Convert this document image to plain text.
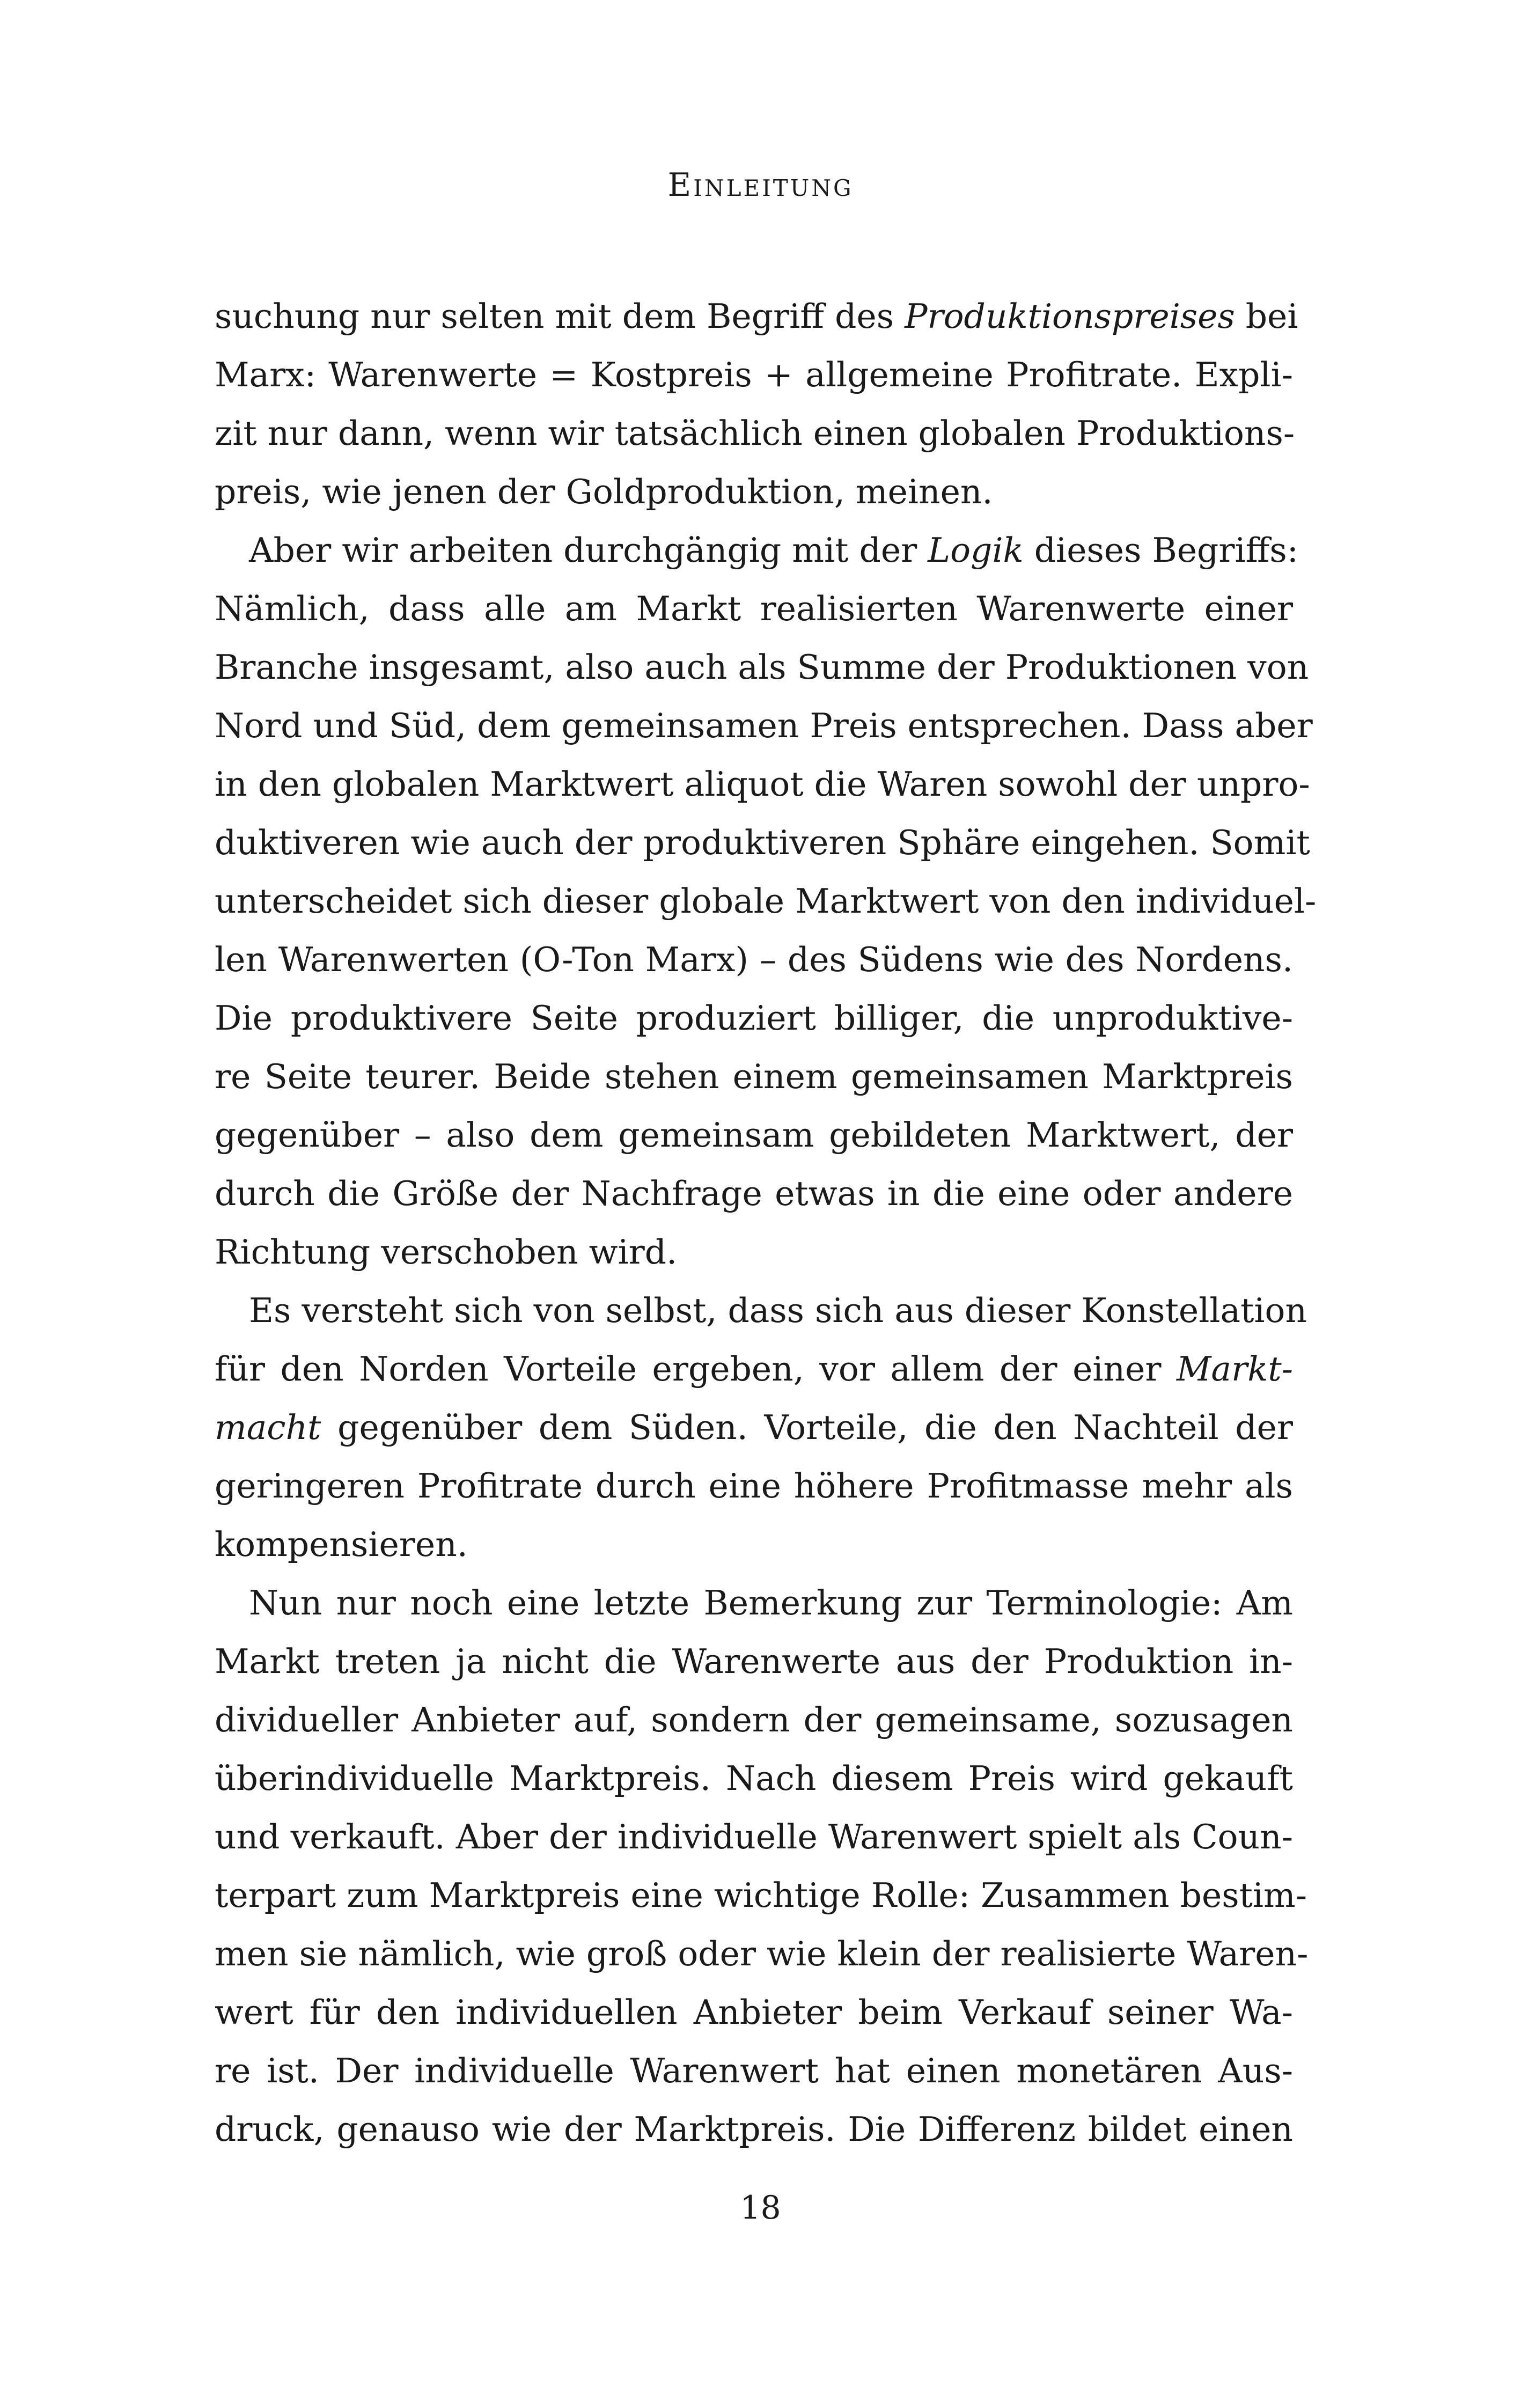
Einleitung
suchung nur selten mit dem Begriff des Produktionspreises bei
Marx: Warenwerte = Kostpreis + allgemeine Profitrate. Expli-
zit nur dann, wenn wir tatsächlich einen globalen Produktions-
preis, wie jenen der Goldproduktion, meinen.
Aber wir arbeiten durchgängig mit der Logik dieses Begriffs:
Nämlich, dass alle am Markt realisierten Warenwerte einer
Branche insgesamt, also auch als Summe der Produktionen von
Nord und Süd, dem gemeinsamen Preis entsprechen. Dass aber
in den globalen Marktwert aliquot die Waren sowohl der unpro-
duktiveren wie auch der produktiveren Sphäre eingehen. Somit
unterscheidet sich dieser globale Marktwert von den individuel-
len Warenwerten (O-Ton Marx) – des Südens wie des Nordens.
Die produktivere Seite produziert billiger, die unproduktive-
re Seite teurer. Beide stehen einem gemeinsamen Marktpreis
gegenüber – also dem gemeinsam gebildeten Marktwert, der
durch die Größe der Nachfrage etwas in die eine oder andere
Richtung verschoben wird.
Es versteht sich von selbst, dass sich aus dieser Konstellation
für den Norden Vorteile ergeben, vor allem der einer Markt-
macht gegenüber dem Süden. Vorteile, die den Nachteil der
geringeren Profitrate durch eine höhere Profitmasse mehr als
kompensieren.
Nun nur noch eine letzte Bemerkung zur Terminologie: Am
Markt treten ja nicht die Warenwerte aus der Produktion in-
dividueller Anbieter auf, sondern der gemeinsame, sozusagen
überindividuelle Marktpreis. Nach diesem Preis wird gekauft
und verkauft. Aber der individuelle Warenwert spielt als Coun-
terpart zum Marktpreis eine wichtige Rolle: Zusammen bestim-
men sie nämlich, wie groß oder wie klein der realisierte Waren-
wert für den individuellen Anbieter beim Verkauf seiner Wa-
re ist. Der individuelle Warenwert hat einen monetären Aus-
druck, genauso wie der Marktpreis. Die Differenz bildet einen
18
